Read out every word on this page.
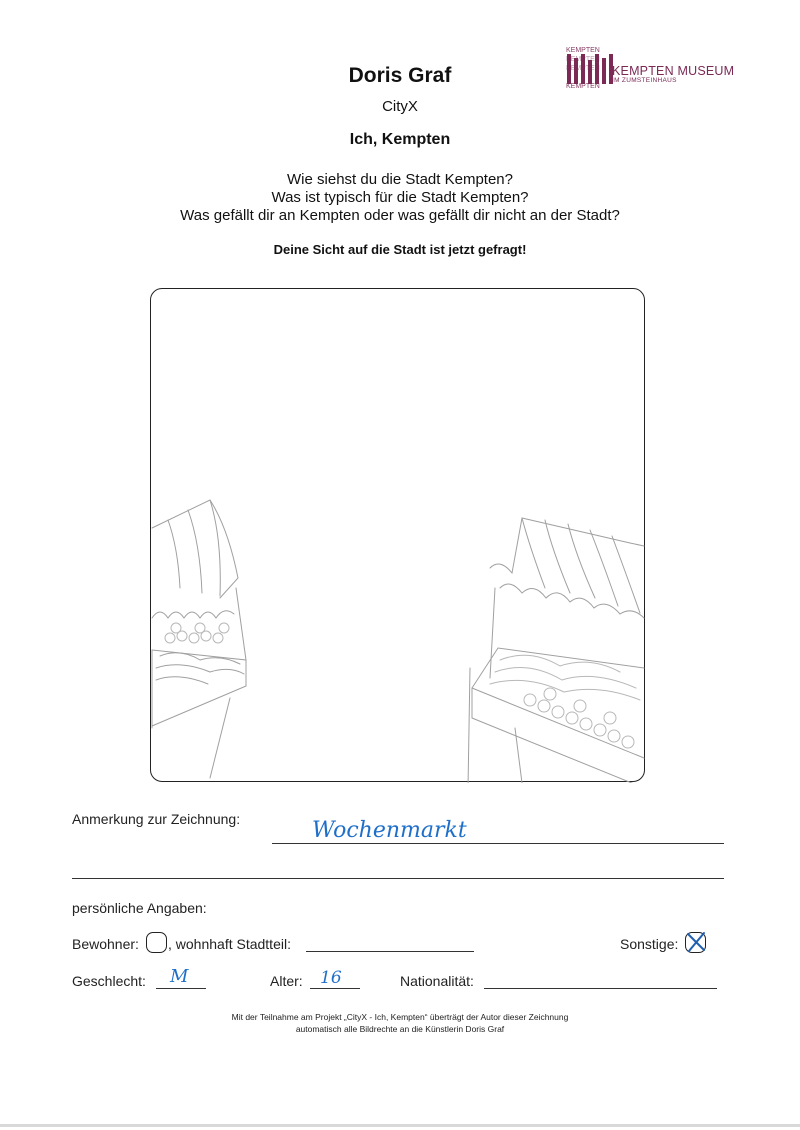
Doris Graf
CityX
Ich, Kempten
Wie siehst du die Stadt Kempten?
Was ist typisch für die Stadt Kempten?
Was gefällt dir an Kempten oder was gefällt dir nicht an der Stadt?
Deine Sicht auf die Stadt ist jetzt gefragt!
KEMPTEN
KEMPTEN
KEMPTEN
KEMPTEN
KEMPTEN MUSEUM
IM ZUMSTEINHAUS
Anmerkung zur Zeichnung:	Wochenmarkt
persönliche Angaben:
Bewohner: , wohnhaft Stadtteil:	Sonstige:
Geschlecht: M	Alter: 16	Nationalität:
Mit der Teilnahme am Projekt „CityX - Ich, Kempten“ überträgt der Autor dieser Zeichnung
automatisch alle Bildrechte an die Künstlerin Doris Graf
